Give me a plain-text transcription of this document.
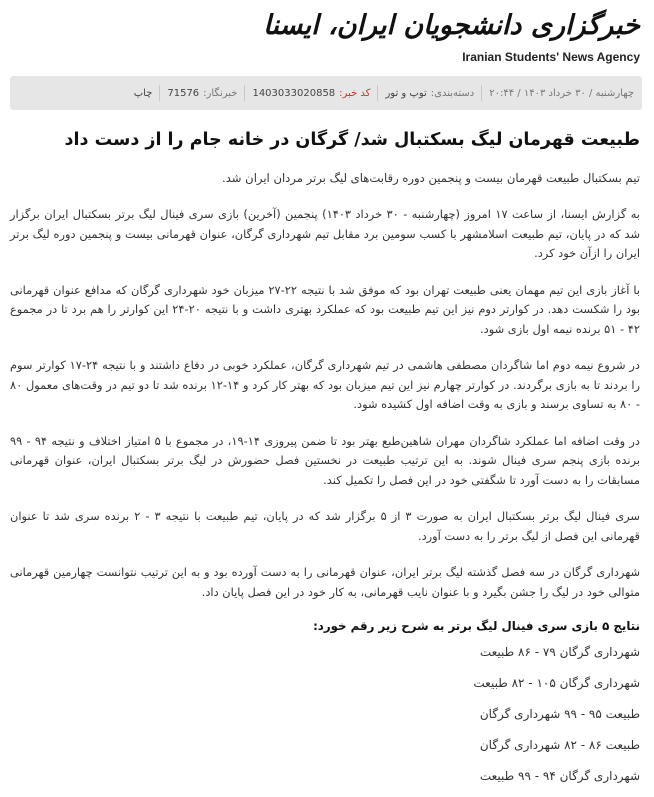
خبرگزاری دانشجویان ایران، ایسنا
Iranian Students' News Agency
چهارشنبه / ۳۰ خرداد ۱۴۰۳ / ۲۰:۴۴
دسته‌بندی:
توپ و تور
کد خبر:
1403033020858
خبرنگار:
71576
چاپ
طبیعت قهرمان لیگ بسکتبال شد/ گرگان در خانه جام را از دست داد

تیم بسکتبال طبیعت قهرمان بیست و پنجمین دوره رقابت‌های لیگ برتر مردان ایران شد.

به گزارش ایسنا، از ساعت ۱۷ امروز (چهارشنبه - ۳۰ خرداد ۱۴۰۳) پنجمین (آخرین) بازی سری فینال لیگ برتر بسکتبال ایران برگزار شد که در پایان، تیم طبیعت اسلامشهر با کسب سومین برد مقابل تیم شهرداری گرگان، عنوان قهرمانی بیست و پنجمین دوره لیگ برتر ایران را ازآن خود کرد.

با آغاز بازی این تیم مهمان یعنی طبیعت تهران بود که موفق شد با نتیجه ۲۲-۲۷ میزبان خود شهرداری گرگان که مدافع عنوان قهرمانی بود را شکست دهد. در کوارتر دوم نیز این تیم طبیعت بود که عملکرد بهتری داشت و با نتیجه ۲۰-۲۴ این کوارتر را هم برد تا در مجموع ۴۲ - ۵۱ برنده نیمه اول بازی شود.

در شروع نیمه دوم اما شاگردان مصطفی هاشمی در تیم شهرداری گرگان، عملکرد خوبی در دفاع داشتند و با نتیجه ۲۴-۱۷ کوارتر سوم را بردند تا به بازی برگردند. در کوارتر چهارم نیز این تیم میزبان بود که بهتر کار کرد و ۱۴-۱۲ برنده شد تا دو تیم در وقت‌های معمول ۸۰ - ۸۰ به تساوی برسند و بازی به وقت اضافه اول کشیده شود.

در وقت اضافه اما عملکرد شاگردان مهران شاهین‌طبع بهتر بود تا ضمن پیروزی ۱۴-۱۹، در مجموع با ۵ امتیاز اختلاف و نتیجه ۹۴ - ۹۹ برنده بازی پنجم سری فینال شوند. به این ترتیب طبیعت در نخستین فصل حضورش در لیگ برتر بسکتبال ایران، عنوان قهرمانی مسابقات را به دست آورد تا شگفتی خود در این فصل را تکمیل کند.

سری فینال لیگ برتر بسکتبال ایران به صورت ۳ از ۵ برگزار شد که در پایان، تیم طبیعت با نتیجه ۳ - ۲ برنده سری شد تا عنوان قهرمانی این فصل از لیگ برتر را به دست آورد.

شهرداری گرگان در سه فصل گذشته لیگ برتر ایران، عنوان قهرمانی را به دست آورده بود و به این ترتیب نتوانست چهارمین قهرمانی متوالی خود در لیگ را جشن بگیرد و با عنوان نایب قهرمانی، به کار خود در این فصل پایان داد.

نتایج ۵ بازی سری فینال لیگ برتر به شرح زیر رقم خورد:

شهرداری گرگان ۷۹ - ۸۶ طبیعت
شهرداری گرگان ۱۰۵ - ۸۲ طبیعت
طبیعت ۹۵ - ۹۹ شهرداری گرگان
طبیعت ۸۶ - ۸۲ شهرداری گرگان
شهرداری گرگان ۹۴ - ۹۹ طبیعت
